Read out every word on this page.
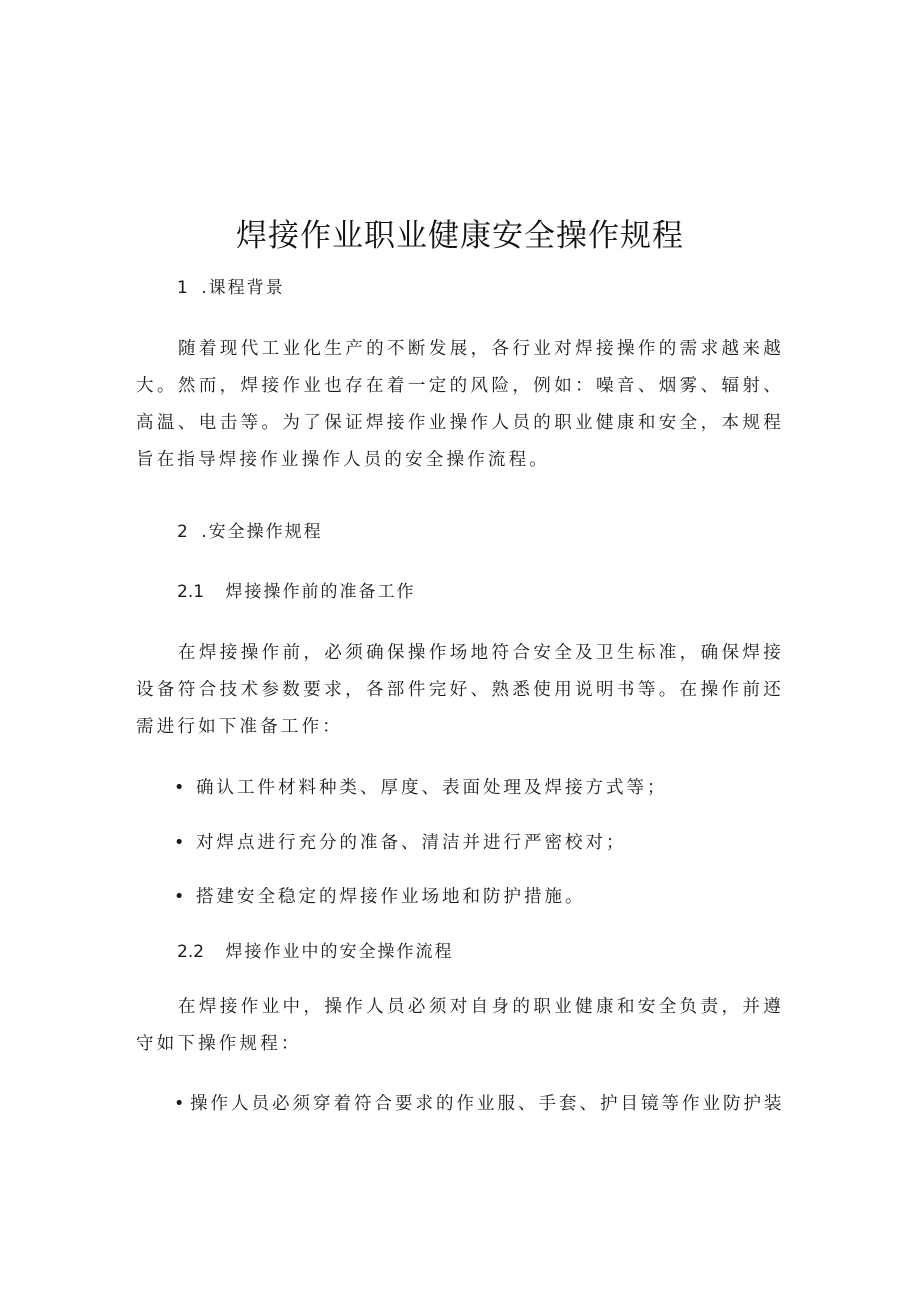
焊接作业职业健康安全操作规程
1 .课程背景

随着现代工业化生产的不断发展，各行业对焊接操作的需求越来越大。然而，焊接作业也存在着一定的风险，例如：噪音、烟雾、辐射、高温、电击等。为了保证焊接作业操作人员的职业健康和安全，本规程旨在指导焊接作业操作人员的安全操作流程。

2 .安全操作规程
2.1 焊接操作前的准备工作

在焊接操作前，必须确保操作场地符合安全及卫生标准，确保焊接设备符合技术参数要求，各部件完好、熟悉使用说明书等。在操作前还需进行如下准备工作：

• 确认工件材料种类、厚度、表面处理及焊接方式等；
• 对焊点进行充分的准备、清洁并进行严密校对；
• 搭建安全稳定的焊接作业场地和防护措施。
2.2 焊接作业中的安全操作流程

在焊接作业中，操作人员必须对自身的职业健康和安全负责，并遵守如下操作规程：

• 操作人员必须穿着符合要求的作业服、手套、护目镜等作业防护装
